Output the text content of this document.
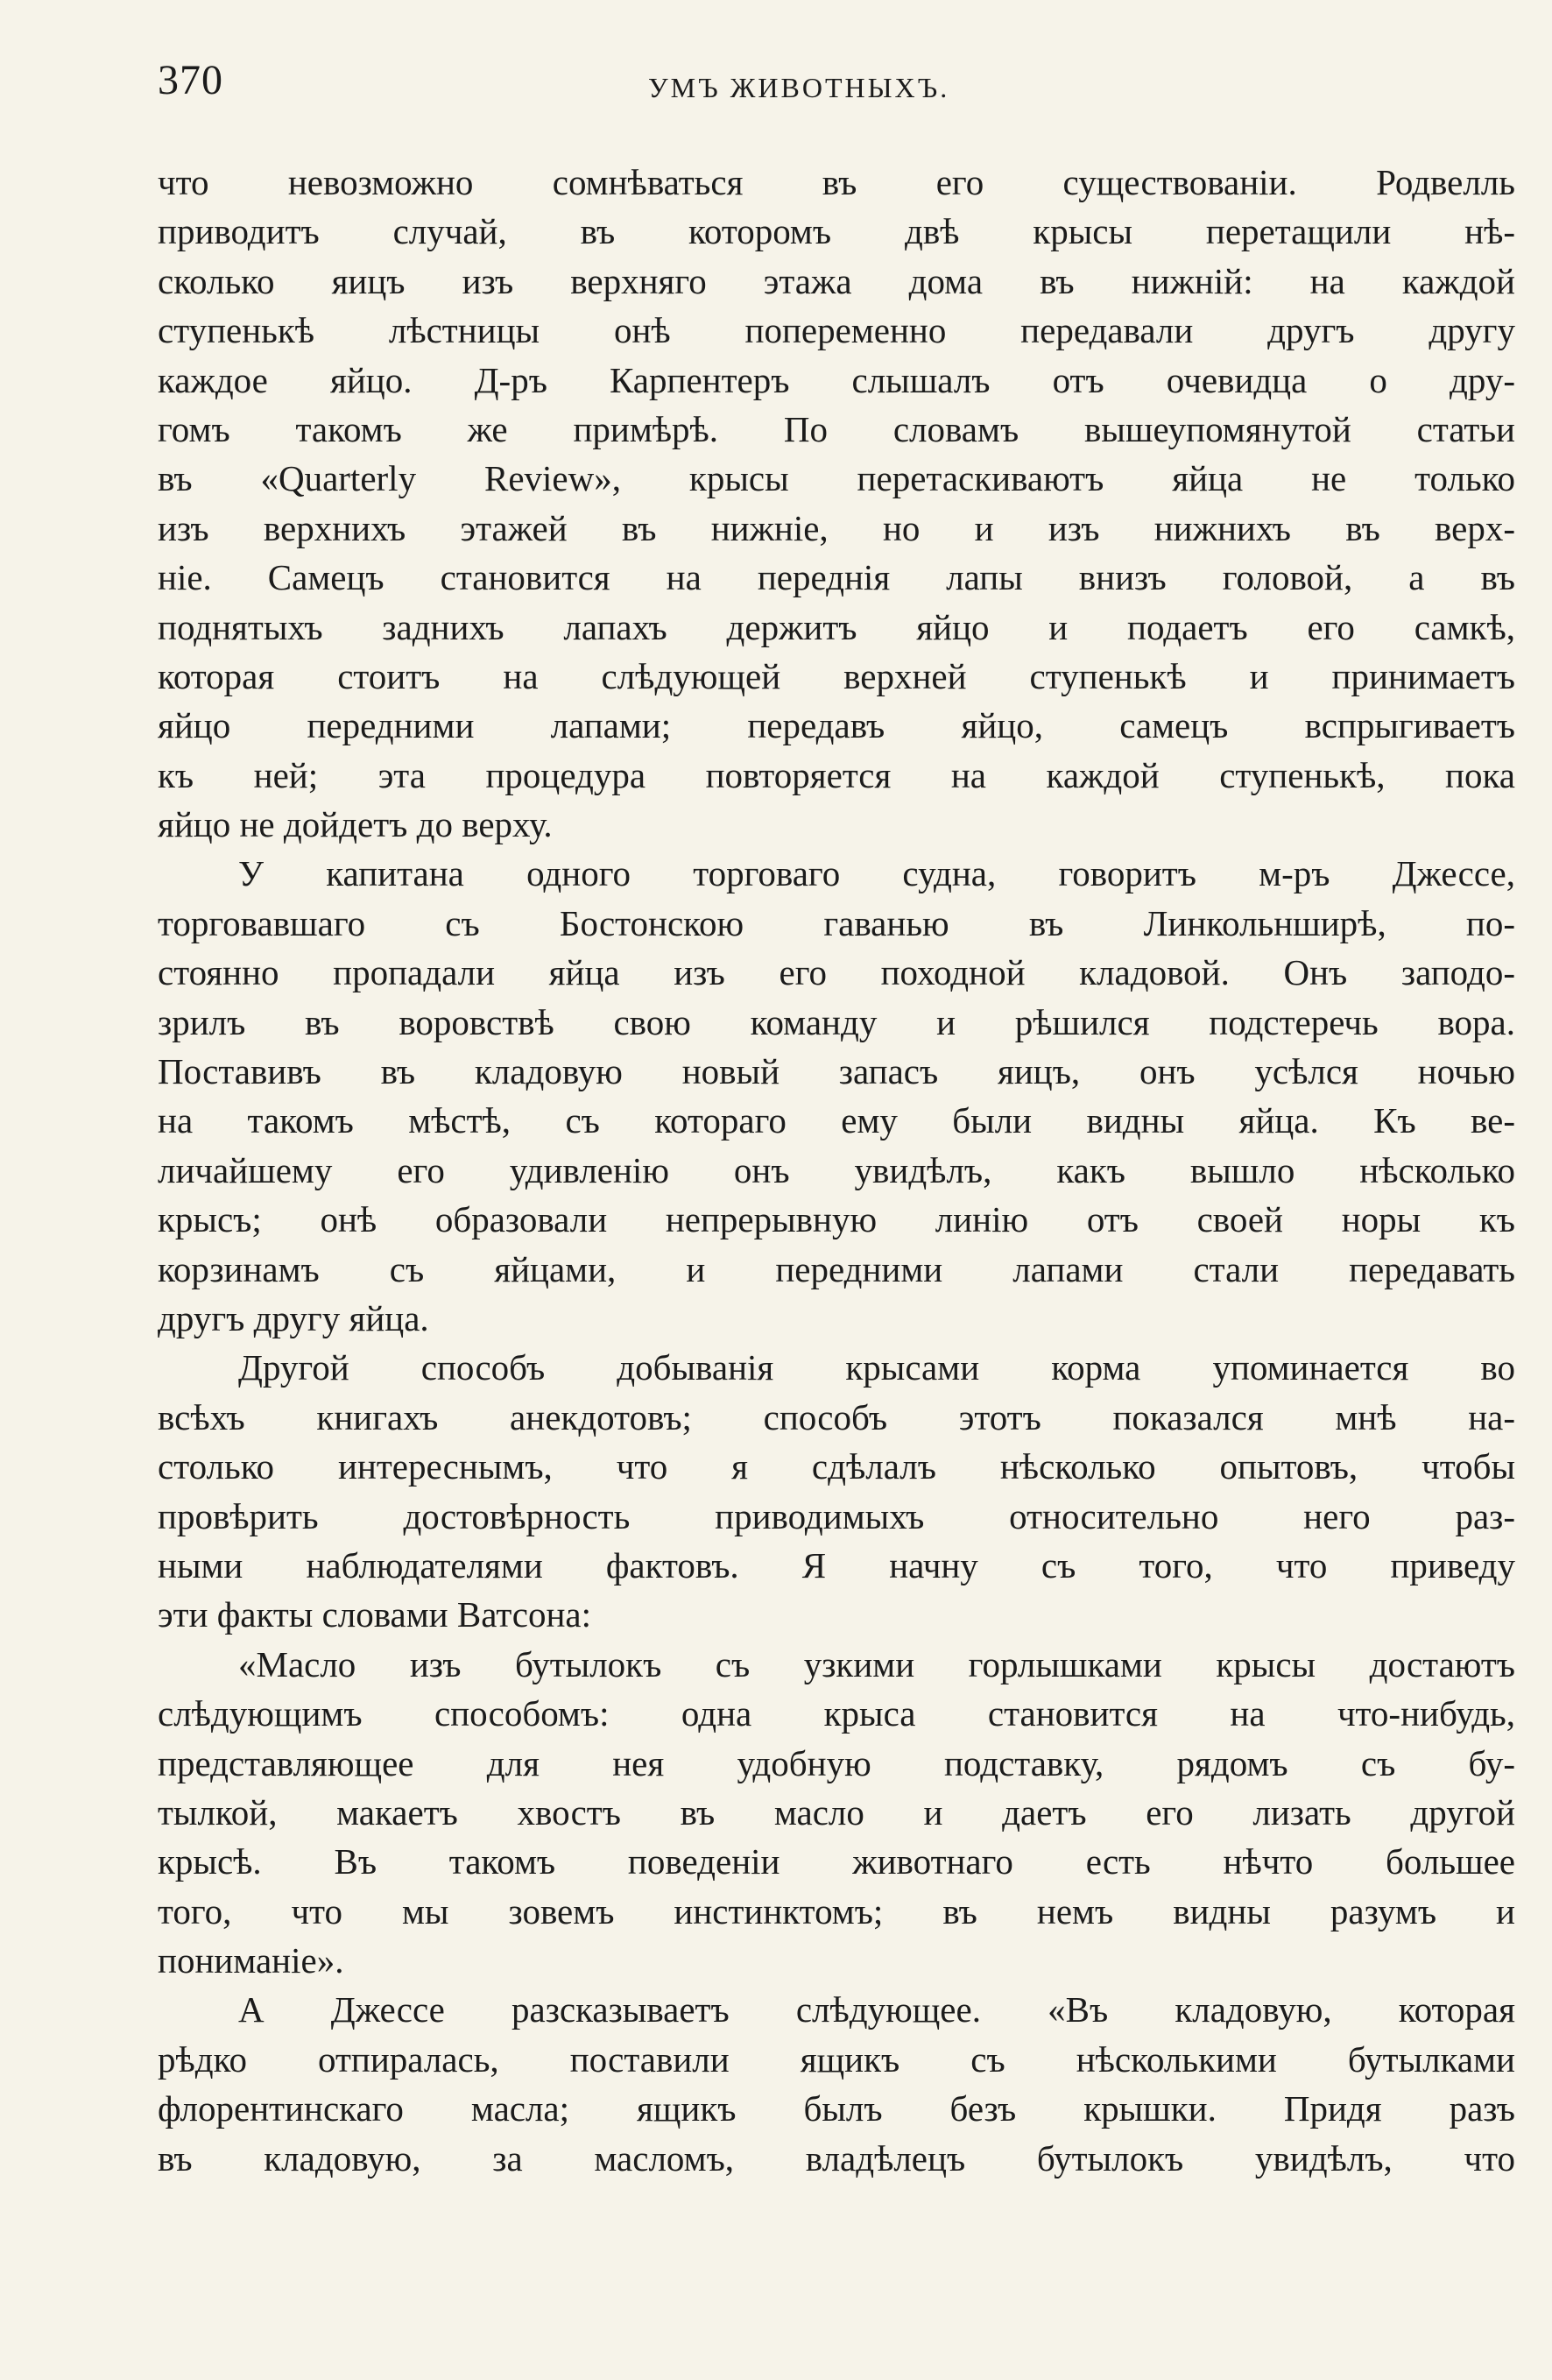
370	УМЪ ЖИВОТНЫХЪ.
что невозможно сомнѣваться въ его существованіи. Родвелль
приводитъ случай, въ которомъ двѣ крысы перетащили нѣ-
сколько яицъ изъ верхняго этажа дома въ нижній: на каждой
ступенькѣ лѣстницы онѣ попеременно передавали другъ другу
каждое яйцо. Д-ръ Карпентеръ слышалъ отъ очевидца о дру-
гомъ такомъ же примѣрѣ. По словамъ вышеупомянутой статьи
въ «Quarterly Review», крысы перетаскиваютъ яйца не только
изъ верхнихъ этажей въ нижніе, но и изъ нижнихъ въ верх-
ніе. Самецъ становится на переднія лапы внизъ головой, а въ
поднятыхъ заднихъ лапахъ держитъ яйцо и подаетъ его самкѣ,
которая стоитъ на слѣдующей верхней ступенькѣ и принимаетъ
яйцо передними лапами; передавъ яйцо, самецъ вспрыгиваетъ
къ ней; эта процедура повторяется на каждой ступенькѣ, пока
яйцо не дойдетъ до верху.
У капитана одного торговаго судна, говоритъ м-ръ Джессе,
торговавшаго съ Бостонскою гаванью въ Линкольнширѣ, по-
стоянно пропадали яйца изъ его походной кладовой. Онъ заподо-
зрилъ въ воровствѣ свою команду и рѣшился подстеречь вора.
Поставивъ въ кладовую новый запасъ яицъ, онъ усѣлся ночью
на такомъ мѣстѣ, съ котораго ему были видны яйца. Къ ве-
личайшему его удивленію онъ увидѣлъ, какъ вышло нѣсколько
крысъ; онѣ образовали непрерывную линію отъ своей норы къ
корзинамъ съ яйцами, и передними лапами стали передавать
другъ другу яйца.
Другой способъ добыванія крысами корма упоминается во
всѣхъ книгахъ анекдотовъ; способъ этотъ показался мнѣ на-
столько интереснымъ, что я сдѣлалъ нѣсколько опытовъ, чтобы
провѣрить достовѣрность приводимыхъ относительно него раз-
ными наблюдателями фактовъ. Я начну съ того, что приведу
эти факты словами Ватсона:
«Масло изъ бутылокъ съ узкими горлышками крысы достаютъ
слѣдующимъ способомъ: одна крыса становится на что-нибудь,
представляющее для нея удобную подставку, рядомъ съ бу-
тылкой, макаетъ хвостъ въ масло и даетъ его лизать другой
крысѣ. Въ такомъ поведеніи животнаго есть нѣчто большее
того, что мы зовемъ инстинктомъ; въ немъ видны разумъ и
пониманіе».
А Джессе разсказываетъ слѣдующее. «Въ кладовую, которая
рѣдко отпиралась, поставили ящикъ съ нѣсколькими бутылками
флорентинскаго масла; ящикъ былъ безъ крышки. Придя разъ
въ кладовую, за масломъ, владѣлецъ бутылокъ увидѣлъ, что
